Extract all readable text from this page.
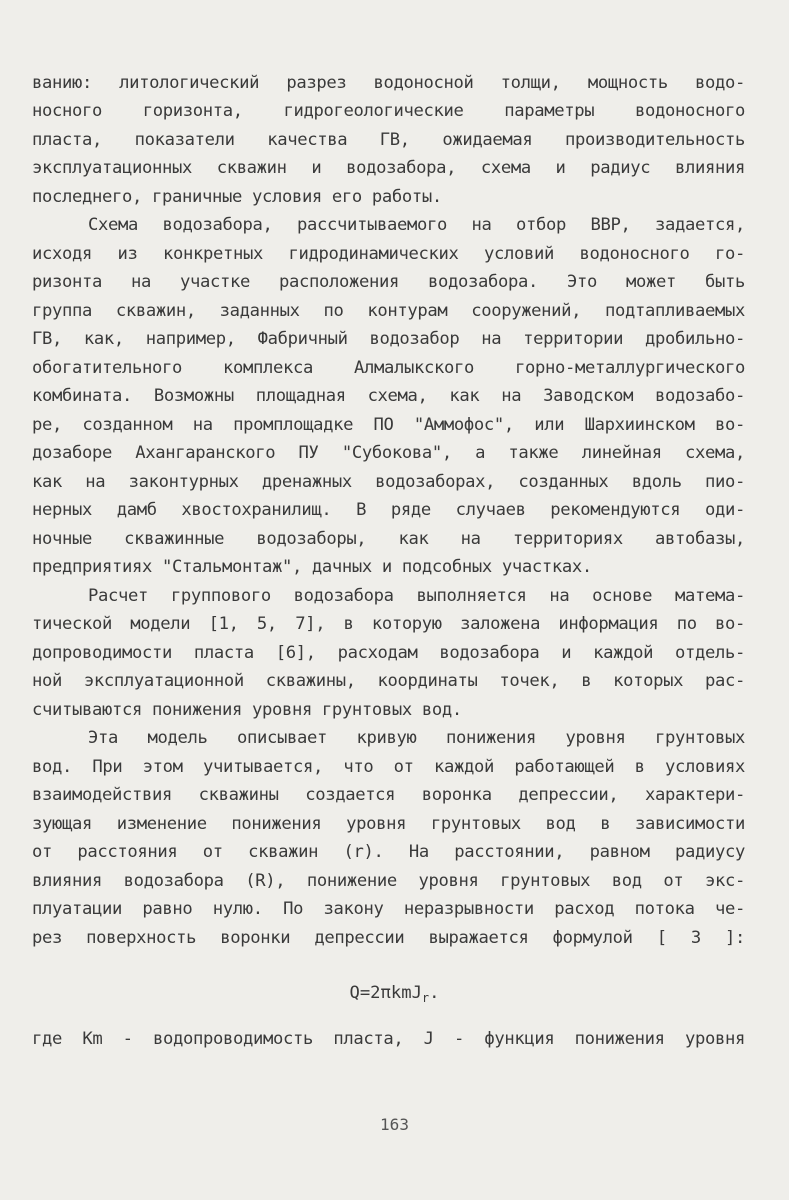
ванию: литологический разрез водоносной толщи, мощность водо-
носного горизонта, гидрогеологические параметры водоносного
пласта, показатели качества ГВ, ожидаемая производительность
эксплуатационных скважин и водозабора, схема и радиус влияния
последнего, граничные условия его работы.
Схема водозабора, рассчитываемого на отбор ВВР, задается,
исходя из конкретных гидродинамических условий водоносного го-
ризонта на участке расположения водозабора. Это может быть
группа скважин, заданных по контурам сооружений, подтапливаемых
ГВ, как, например, Фабричный водозабор на территории дробильно-
обогатительного комплекса Алмалыкского горно-металлургического
комбината. Возможны площадная схема, как на Заводском водозабо-
ре, созданном на промплощадке ПО "Аммофос", или Шархиинском во-
дозаборе Ахангаранского ПУ "Субокова", а также линейная схема,
как на законтурных дренажных водозаборах, созданных вдоль пио-
нерных дамб хвостохранилищ. В ряде случаев рекомендуются оди-
ночные скважинные водозаборы, как на территориях автобазы,
предприятиях "Стальмонтаж", дачных и подсобных участках.
Расчет группового водозабора выполняется на основе матема-
тической модели [1, 5, 7], в которую заложена информация по во-
допроводимости пласта [6], расходам водозабора и каждой отдель-
ной эксплуатационной скважины, координаты точек, в которых рас-
считываются понижения уровня грунтовых вод.
Эта модель описывает кривую понижения уровня грунтовых
вод. При этом учитывается, что от каждой работающей в условиях
взаимодействия скважины создается воронка депрессии, характери-
зующая изменение понижения уровня грунтовых вод в зависимости
от расстояния от скважин (r). На расстоянии, равном радиусу
влияния водозабора (R), понижение уровня грунтовых вод от экс-
плуатации равно нулю. По закону неразрывности расход потока че-
рез поверхность воронки депрессии выражается формулой [ 3 ]:
Q=2πkmJ$_r$.
где Km - водопроводимость пласта, J - функция понижения уровня
163
